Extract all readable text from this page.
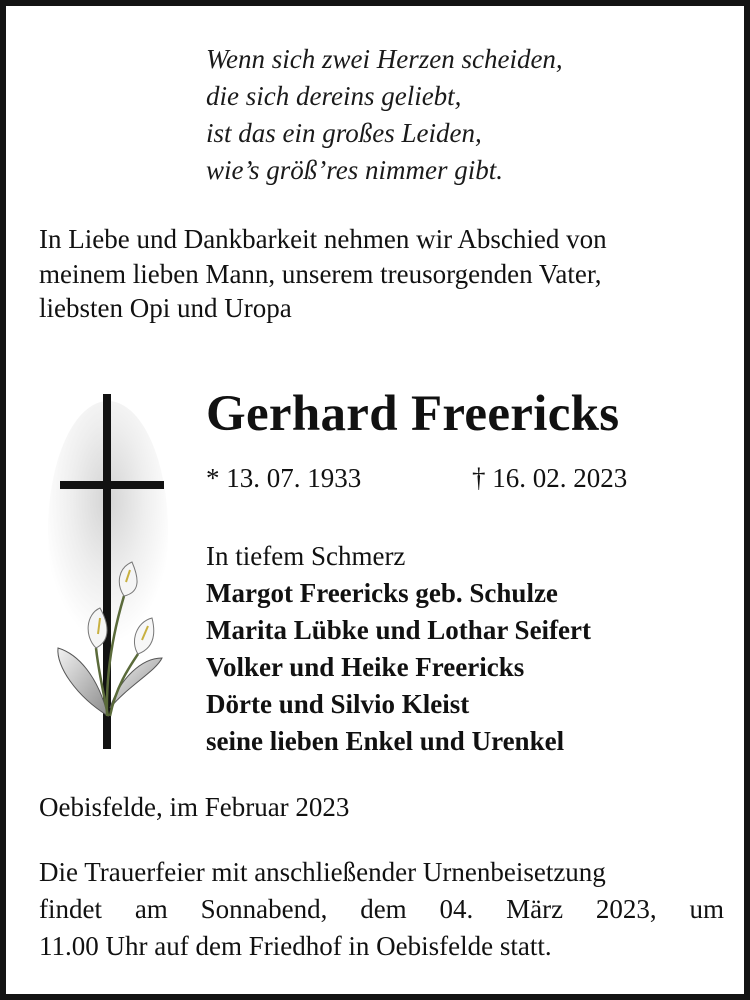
Wenn sich zwei Herzen scheiden,
die sich dereins geliebt,
ist das ein großes Leiden,
wie’s größ’res nimmer gibt.
In Liebe und Dankbarkeit nehmen wir Abschied von
meinem lieben Mann, unserem treusorgenden Vater,
liebsten Opi und Uropa
Gerhard Freericks
* 13. 07. 1933	† 16. 02. 2023
In tiefem Schmerz
Margot Freericks geb. Schulze
Marita Lübke und Lothar Seifert
Volker und Heike Freericks
Dörte und Silvio Kleist
seine lieben Enkel und Urenkel
Oebisfelde, im Februar 2023
Die Trauerfeier mit anschließender Urnenbeisetzung
findet am Sonnabend, dem 04. März 2023, um
11.00 Uhr auf dem Friedhof in Oebisfelde statt.
